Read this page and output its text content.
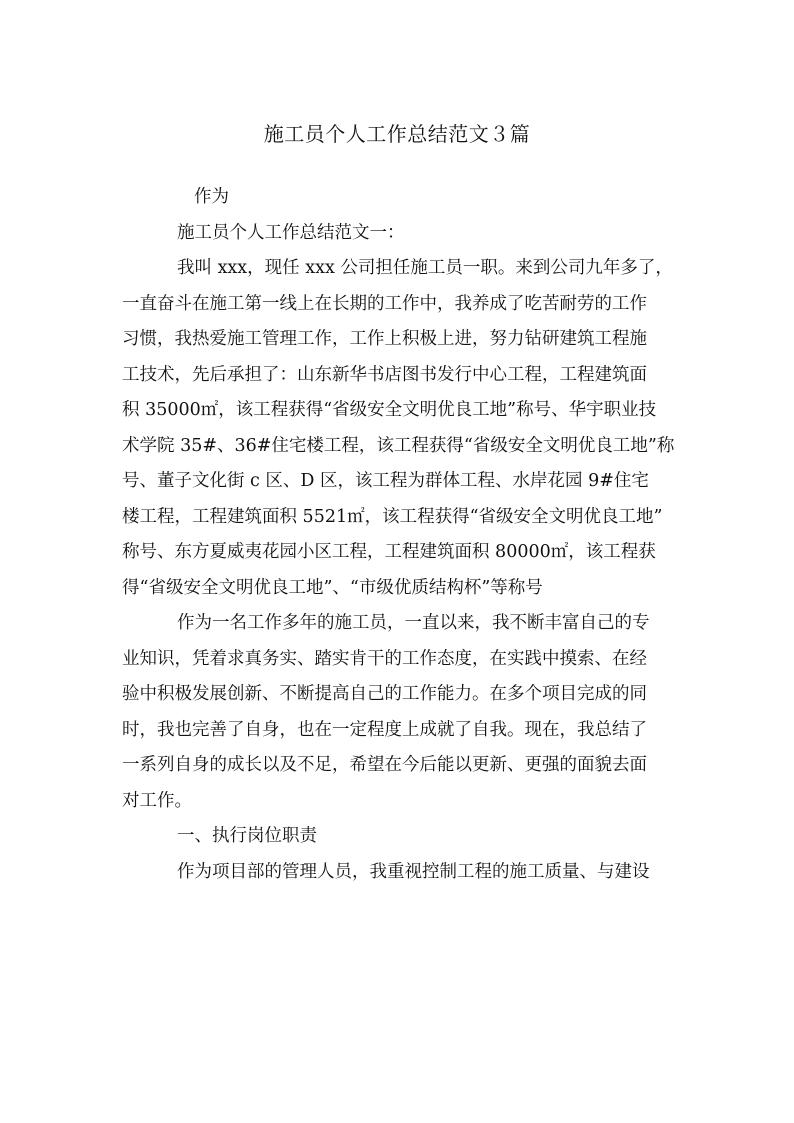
施工员个人工作总结范文３篇
作为
施工员个人工作总结范文一：
我叫 xxx，现任 xxx 公司担任施工员一职。来到公司九年多了，
一直奋斗在施工第一线上在长期的工作中，我养成了吃苦耐劳的工作
习惯，我热爱施工管理工作，工作上积极上进，努力钻研建筑工程施
工技术，先后承担了：山东新华书店图书发行中心工程，工程建筑面
积 35000㎡，该工程获得“省级安全文明优良工地”称号、华宇职业技
术学院 35#、36#住宅楼工程，该工程获得“省级安全文明优良工地”称
号、董子文化街 c 区、D 区，该工程为群体工程、水岸花园 9#住宅
楼工程，工程建筑面积 5521㎡，该工程获得“省级安全文明优良工地”
称号、东方夏威夷花园小区工程，工程建筑面积 80000㎡，该工程获
得“省级安全文明优良工地”、“市级优质结构杯”等称号
作为一名工作多年的施工员，一直以来，我不断丰富自己的专
业知识，凭着求真务实、踏实肯干的工作态度，在实践中摸索、在经
验中积极发展创新、不断提高自己的工作能力。在多个项目完成的同
时，我也完善了自身，也在一定程度上成就了自我。现在，我总结了
一系列自身的成长以及不足，希望在今后能以更新、更强的面貌去面
对工作。
一、执行岗位职责
作为项目部的管理人员，我重视控制工程的施工质量、与建设
